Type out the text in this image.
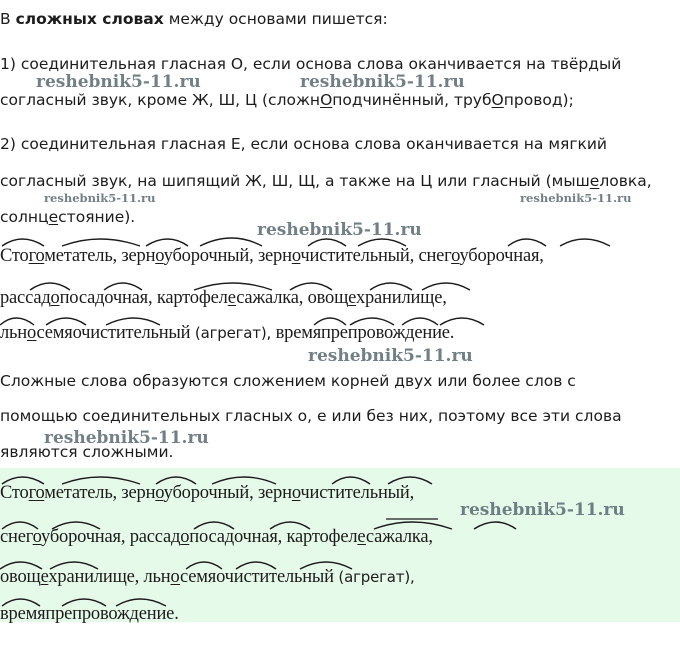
В сложных словах между основами пишется:
1) соединительная гласная О, если основа слова оканчивается на твёрдый
согласный звук, кроме Ж, Ш, Ц (сложнОподчинённый, трубОпровод);
2) соединительная гласная Е, если основа слова оканчивается на мягкий
согласный звук, на шипящий Ж, Ш, Щ, а также на Ц или гласный (мышеловка,
солнцестояние).
Стогометатель, зерноуборочный, зерночистительный, снегоуборочная,
рассадопосадочная, картофелесажалка, овощехранилище,
льносемяочистительный (агрегат), времяпрепровождение.
Сложные слова образуются сложением корней двух или более слов с
помощью соединительных гласных о, е или без них, поэтому все эти слова
являются сложными.
Стогометатель, зерноуборочный, зерночистительный,
снегоуборочная, рассадопосадочная, картофелесажалка,
овощехранилище, льносемяочистительный (агрегат),
времяпрепровождение.
reshebnik5-11.ru	reshebnik5-11.ru
reshebnik5-11.ru	reshebnik5-11.ru
reshebnik5-11.ru
reshebnik5-11.ru
reshebnik5-11.ru
reshebnik5-11.ru
